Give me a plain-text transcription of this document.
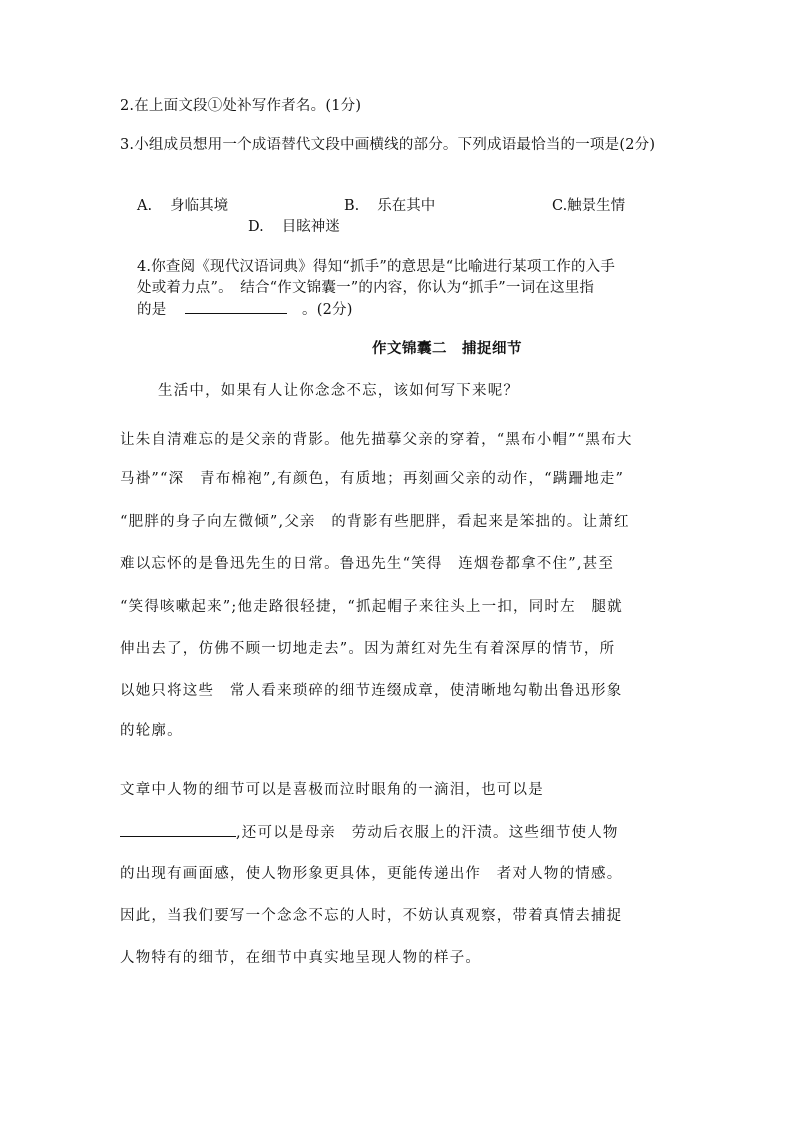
2.在上面文段①处补写作者名。(1分)
3.小组成员想用一个成语替代文段中画横线的部分。下列成语最恰当的一项是(2分)
A. 身临其境	B. 乐在其中	C.触景生情
D. 目眩神迷
4.你查阅《现代汉语词典》得知“抓手”的意思是“比喻进行某项工作的入手
处或着力点”。　结合“作文锦囊一”的内容，你认为“抓手”一词在这里指
的是	。(2分)
作文锦囊二　捕捉细节
生活中，如果有人让你念念不忘，该如何写下来呢？
让朱自清难忘的是父亲的背影。他先描摹父亲的穿着，“黑布小帽”“黑布大
马褂”“深　青布棉袍”,有颜色，有质地；再刻画父亲的动作，“蹒跚地走”
“肥胖的身子向左微倾”,父亲　的背影有些肥胖，看起来是笨拙的。让萧红
难以忘怀的是鲁迅先生的日常。鲁迅先生“笑得　连烟卷都拿不住”,甚至
“笑得咳嗽起来”;他走路很轻捷，“抓起帽子来往头上一扣，同时左　腿就
伸出去了，仿佛不顾一切地走去”。因为萧红对先生有着深厚的情节，所
以她只将这些　常人看来琐碎的细节连缀成章，使清晰地勾勒出鲁迅形象
的轮廓。
文章中人物的细节可以是喜极而泣时眼角的一滴泪，也可以是
,还可以是母亲　劳动后衣服上的汗渍。这些细节使人物
的出现有画面感，使人物形象更具体，更能传递出作　者对人物的情感。
因此，当我们要写一个念念不忘的人时，不妨认真观察，带着真情去捕捉
人物特有的细节，在细节中真实地呈现人物的样子。
